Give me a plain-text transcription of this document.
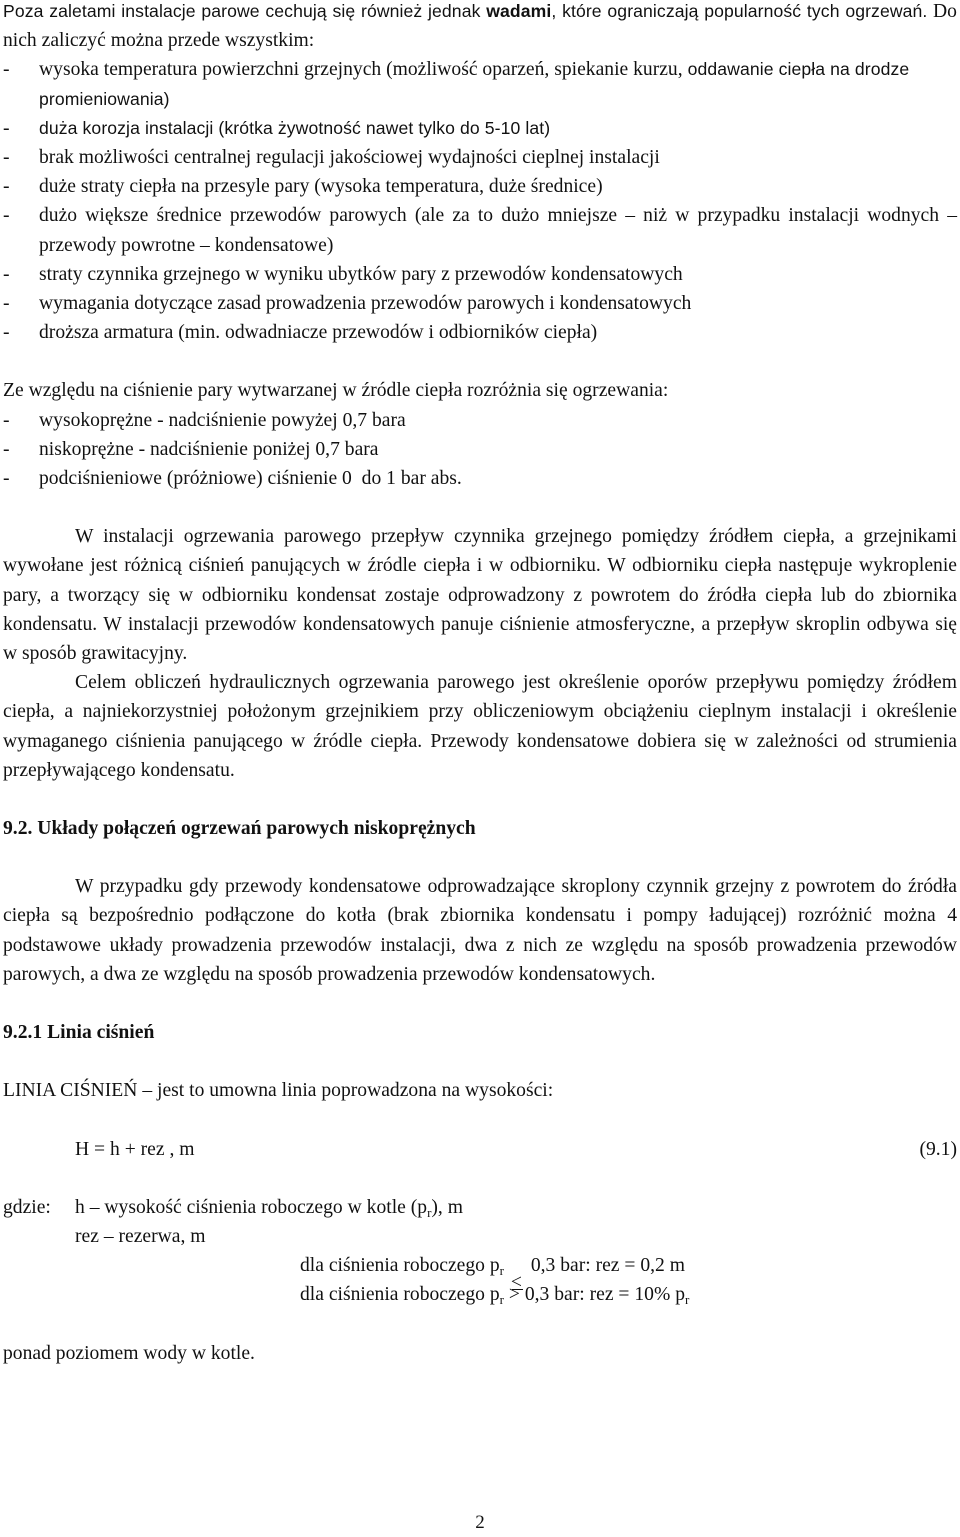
Poza zaletami instalacje parowe cechują się również jednak wadami, które ograniczają popularność tych ogrzewań. Do nich zaliczyć można przede wszystkim:

-	wysoka temperatura powierzchni grzejnych (możliwość oparzeń, spiekanie kurzu, oddawanie ciepła na drodze promieniowania)
-	duża korozja instalacji (krótka żywotność nawet tylko do 5-10 lat)
-	brak możliwości centralnej regulacji jakościowej wydajności cieplnej instalacji
-	duże straty ciepła na przesyle pary (wysoka temperatura, duże średnice)
-	dużo większe średnice przewodów parowych (ale za to dużo mniejsze – niż w przypadku instalacji wodnych – przewody powrotne – kondensatowe)
-	straty czynnika grzejnego w wyniku ubytków pary z przewodów kondensatowych
-	wymagania dotyczące zasad prowadzenia przewodów parowych i kondensatowych
-	droższa armatura (min. odwadniacze przewodów i odbiorników ciepła)

Ze względu na ciśnienie pary wytwarzanej w źródle ciepła rozróżnia się ogrzewania:

-	wysokoprężne - nadciśnienie powyżej 0,7 bara
-	niskoprężne - nadciśnienie poniżej 0,7 bara
-	podciśnieniowe (próżniowe) ciśnienie 0  do 1 bar abs.

W instalacji ogrzewania parowego przepływ czynnika grzejnego pomiędzy źródłem ciepła, a grzejnikami wywołane jest różnicą ciśnień panujących w źródle ciepła i w odbiorniku. W odbiorniku ciepła następuje wykroplenie pary, a tworzący się w odbiorniku kondensat zostaje odprowadzony z powrotem do źródła ciepła lub do zbiornika kondensatu. W instalacji przewodów kondensatowych panuje ciśnienie atmosferyczne, a przepływ skroplin odbywa się w sposób grawitacyjny.

Celem obliczeń hydraulicznych ogrzewania parowego jest określenie oporów przepływu pomiędzy źródłem ciepła, a najniekorzystniej położonym grzejnikiem przy obliczeniowym obciążeniu cieplnym instalacji i określenie wymaganego ciśnienia panującego w źródle ciepła. Przewody kondensatowe dobiera się w zależności od strumienia przepływającego kondensatu.

9.2. Układy połączeń ogrzewań parowych niskoprężnych

W przypadku gdy przewody kondensatowe odprowadzające skroplony czynnik grzejny z powrotem do źródła ciepła są bezpośrednio podłączone do kotła (brak zbiornika kondensatu i pompy ładującej) rozróżnić można 4 podstawowe układy prowadzenia przewodów instalacji, dwa z nich ze względu na sposób prowadzenia przewodów parowych, a dwa ze względu na sposób prowadzenia przewodów kondensatowych.

9.2.1 Linia ciśnień

LINIA CIŚNIEŃ – jest to umowna linia poprowadzona na wysokości:

H = h + rez , m	(9.1)
gdzie:	h – wysokość ciśnienia roboczego w kotle $(p_r)$, m
rez – rezerwa, m

dla ciśnienia roboczego $p_r$  0,3 bar: rez = 0,2 m

dla ciśnienia roboczego $p_r > 0,3$ bar: rez = 10% $p_r$

ponad poziomem wody w kotle.

2
